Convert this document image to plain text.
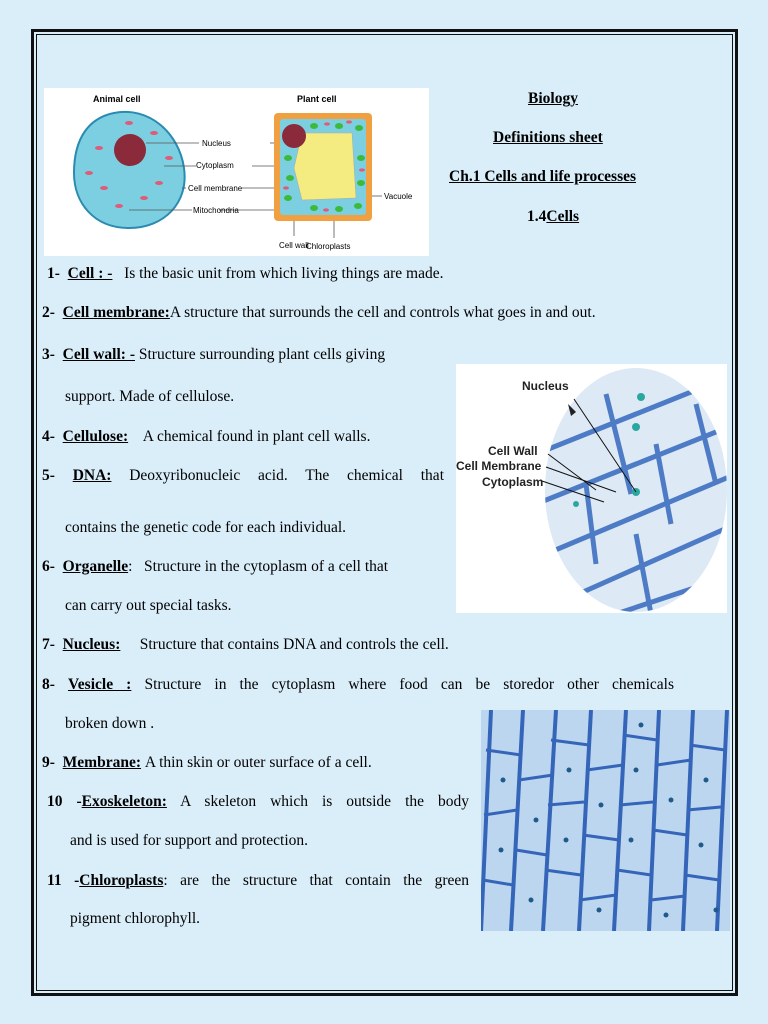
Biology
Definitions sheet
Ch.1 Cells and life processes
1.4Cells
Animal cell	Plant cell
Nucleus
Cytoplasm
Cell membrane
Mitochondria
Vacuole
Cell wall
Chloroplasts
Nucleus
Cell Wall
Cell Membrane
Cytoplasm
1- Cell : - Is the basic unit from which living things are made.
2- Cell membrane:A structure that surrounds the cell and controls what goes in and out.
3- Cell wall: - Structure surrounding plant cells giving
support. Made of cellulose.
4- Cellulose: A chemical found in plant cell walls.
5- DNA: Deoxyribonucleic acid. The chemical that
contains the genetic code for each individual.
6- Organelle: Structure in the cytoplasm of a cell that
can carry out special tasks.
7- Nucleus: Structure that contains DNA and controls the cell.
8- Vesicle : Structure in the cytoplasm where food can be storedor other chemicals
broken down .
9- Membrane: A thin skin or outer surface of a cell.
10 -Exoskeleton: A skeleton which is outside the body
and is used for support and protection.
11 -Chloroplasts: are the structure that contain the green
pigment chlorophyll.
